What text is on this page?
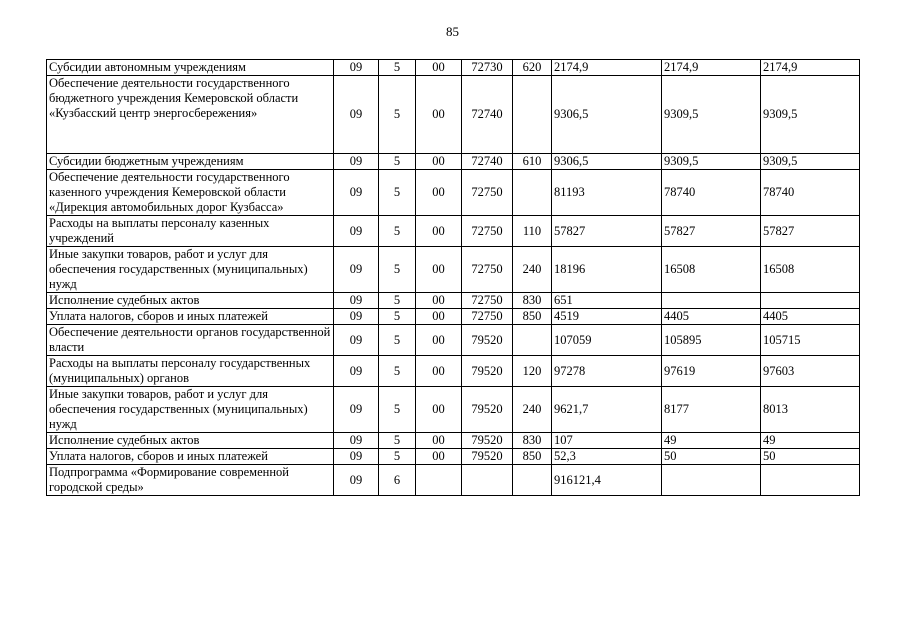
85
Субсидии автономным учреждениям	09	5	00	72730	620	2174,9	2174,9	2174,9
Обеспечение деятельности государственного бюджетного учреждения Кемеровской области «Кузбасский центр энергосбережения»	09	5	00	72740		9306,5	9309,5	9309,5
Субсидии бюджетным учреждениям	09	5	00	72740	610	9306,5	9309,5	9309,5
Обеспечение деятельности государственного казенного учреждения Кемеровской области «Дирекция автомобильных дорог Кузбасса»	09	5	00	72750		81193	78740	78740
Расходы на выплаты персоналу казенных учреждений	09	5	00	72750	110	57827	57827	57827
Иные закупки товаров, работ и услуг для обеспечения государственных (муниципальных) нужд	09	5	00	72750	240	18196	16508	16508
Исполнение судебных актов	09	5	00	72750	830	651		
Уплата налогов, сборов и иных платежей	09	5	00	72750	850	4519	4405	4405
Обеспечение деятельности органов государственной власти	09	5	00	79520		107059	105895	105715
Расходы на выплаты персоналу государственных (муниципальных) органов	09	5	00	79520	120	97278	97619	97603
Иные закупки товаров, работ и услуг для обеспечения государственных (муниципальных) нужд	09	5	00	79520	240	9621,7	8177	8013
Исполнение судебных актов	09	5	00	79520	830	107	49	49
Уплата налогов, сборов и иных платежей	09	5	00	79520	850	52,3	50	50
Подпрограмма «Формирование современной городской среды»	09	6				916121,4		
